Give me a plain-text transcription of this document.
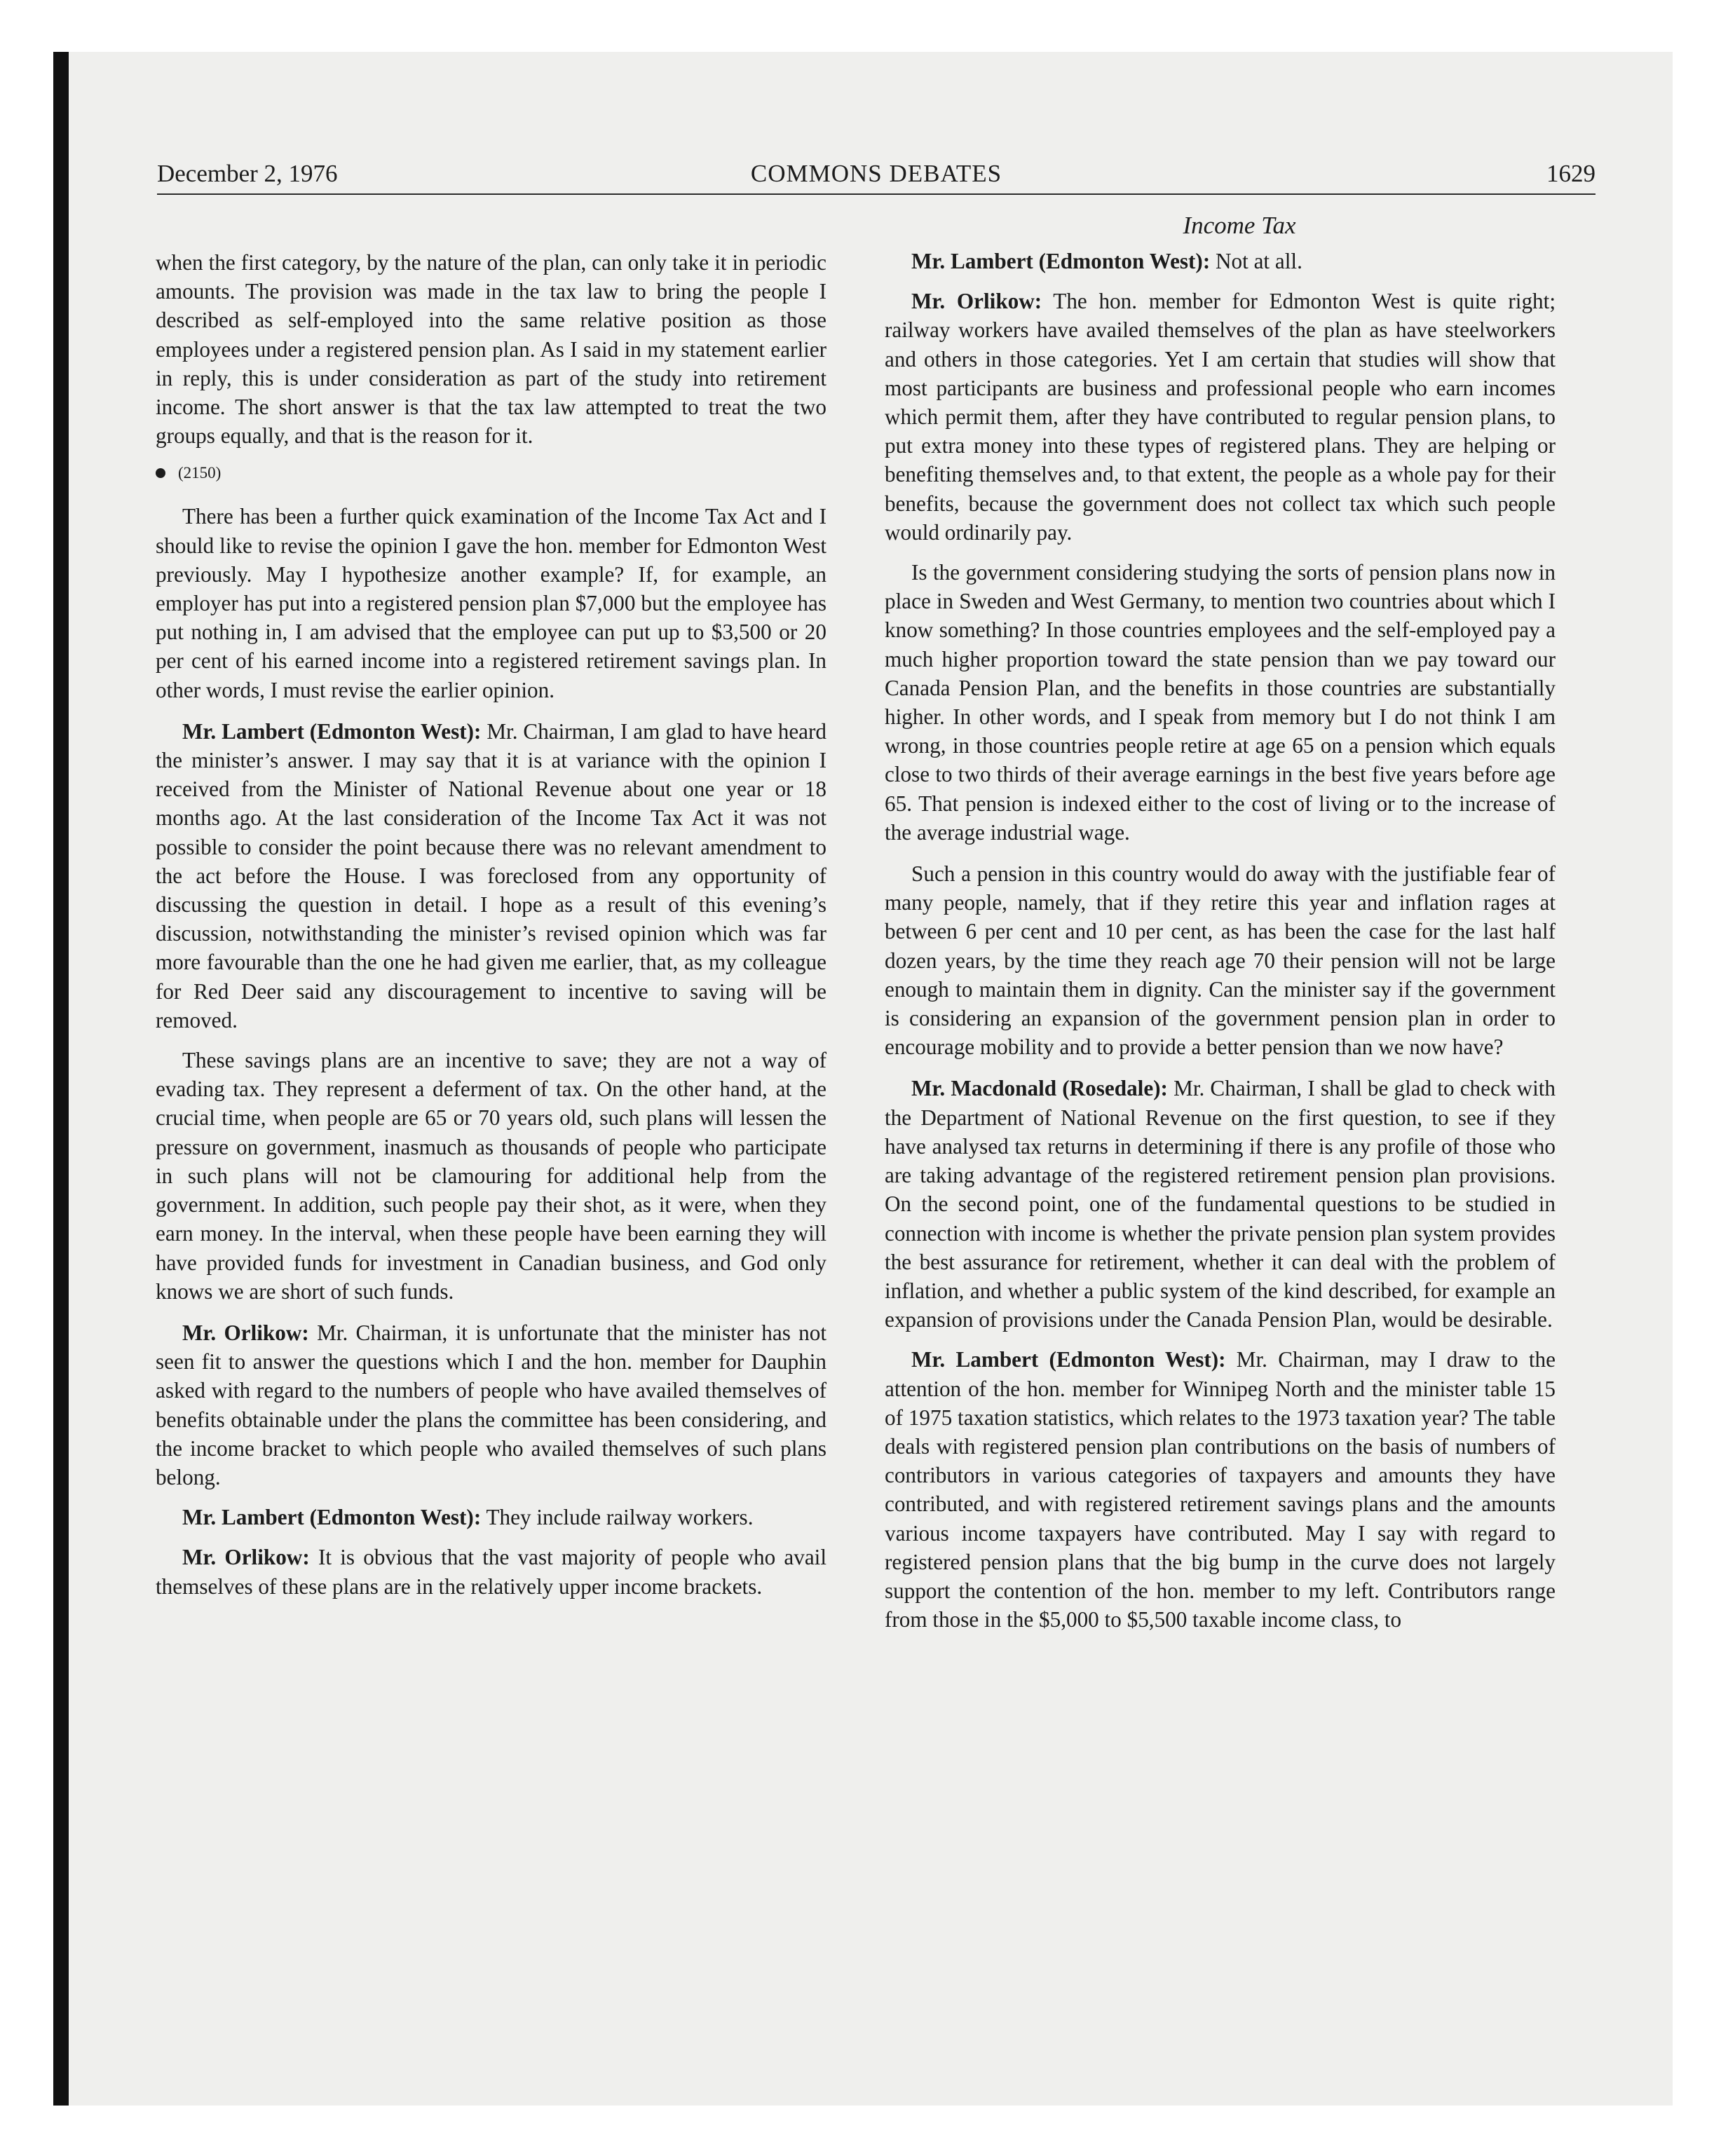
December 2, 1976	COMMONS DEBATES	1629
Income Tax

when the first category, by the nature of the plan, can only take it in periodic amounts. The provision was made in the tax law to bring the people I described as self-employed into the same relative position as those employees under a registered pension plan. As I said in my statement earlier in reply, this is under consideration as part of the study into retirement income. The short answer is that the tax law attempted to treat the two groups equally, and that is the reason for it.

(2150)

There has been a further quick examination of the Income Tax Act and I should like to revise the opinion I gave the hon. member for Edmonton West previously. May I hypothesize another example? If, for example, an employer has put into a registered pension plan $7,000 but the employee has put nothing in, I am advised that the employee can put up to $3,500 or 20 per cent of his earned income into a registered retirement savings plan. In other words, I must revise the earlier opinion.

Mr. Lambert (Edmonton West): Mr. Chairman, I am glad to have heard the minister’s answer. I may say that it is at variance with the opinion I received from the Minister of National Revenue about one year or 18 months ago. At the last consideration of the Income Tax Act it was not possible to consider the point because there was no relevant amendment to the act before the House. I was foreclosed from any opportunity of discussing the question in detail. I hope as a result of this evening’s discussion, notwithstanding the minister’s revised opinion which was far more favourable than the one he had given me earlier, that, as my colleague for Red Deer said any discouragement to incentive to saving will be removed.

These savings plans are an incentive to save; they are not a way of evading tax. They represent a deferment of tax. On the other hand, at the crucial time, when people are 65 or 70 years old, such plans will lessen the pressure on government, inasmuch as thousands of people who participate in such plans will not be clamouring for additional help from the government. In addition, such people pay their shot, as it were, when they earn money. In the interval, when these people have been earning they will have provided funds for investment in Canadian business, and God only knows we are short of such funds.

Mr. Orlikow: Mr. Chairman, it is unfortunate that the minister has not seen fit to answer the questions which I and the hon. member for Dauphin asked with regard to the numbers of people who have availed themselves of benefits obtainable under the plans the committee has been considering, and the income bracket to which people who availed themselves of such plans belong.

Mr. Lambert (Edmonton West): They include railway workers.

Mr. Orlikow: It is obvious that the vast majority of people who avail themselves of these plans are in the relatively upper income brackets.

Mr. Lambert (Edmonton West): Not at all.

Mr. Orlikow: The hon. member for Edmonton West is quite right; railway workers have availed themselves of the plan as have steelworkers and others in those categories. Yet I am certain that studies will show that most participants are business and professional people who earn incomes which permit them, after they have contributed to regular pension plans, to put extra money into these types of registered plans. They are helping or benefiting themselves and, to that extent, the people as a whole pay for their benefits, because the government does not collect tax which such people would ordinarily pay.

Is the government considering studying the sorts of pension plans now in place in Sweden and West Germany, to mention two countries about which I know something? In those countries employees and the self-employed pay a much higher proportion toward the state pension than we pay toward our Canada Pension Plan, and the benefits in those countries are substantially higher. In other words, and I speak from memory but I do not think I am wrong, in those countries people retire at age 65 on a pension which equals close to two thirds of their average earnings in the best five years before age 65. That pension is indexed either to the cost of living or to the increase of the average industrial wage.

Such a pension in this country would do away with the justifiable fear of many people, namely, that if they retire this year and inflation rages at between 6 per cent and 10 per cent, as has been the case for the last half dozen years, by the time they reach age 70 their pension will not be large enough to maintain them in dignity. Can the minister say if the government is considering an expansion of the government pension plan in order to encourage mobility and to provide a better pension than we now have?

Mr. Macdonald (Rosedale): Mr. Chairman, I shall be glad to check with the Department of National Revenue on the first question, to see if they have analysed tax returns in determining if there is any profile of those who are taking advantage of the registered retirement pension plan provisions. On the second point, one of the fundamental questions to be studied in connection with income is whether the private pension plan system provides the best assurance for retirement, whether it can deal with the problem of inflation, and whether a public system of the kind described, for example an expansion of provisions under the Canada Pension Plan, would be desirable.

Mr. Lambert (Edmonton West): Mr. Chairman, may I draw to the attention of the hon. member for Winnipeg North and the minister table 15 of 1975 taxation statistics, which relates to the 1973 taxation year? The table deals with registered pension plan contributions on the basis of numbers of contributors in various categories of taxpayers and amounts they have contributed, and with registered retirement savings plans and the amounts various income taxpayers have contributed. May I say with regard to registered pension plans that the big bump in the curve does not largely support the contention of the hon. member to my left. Contributors range from those in the $5,000 to $5,500 taxable income class, to
